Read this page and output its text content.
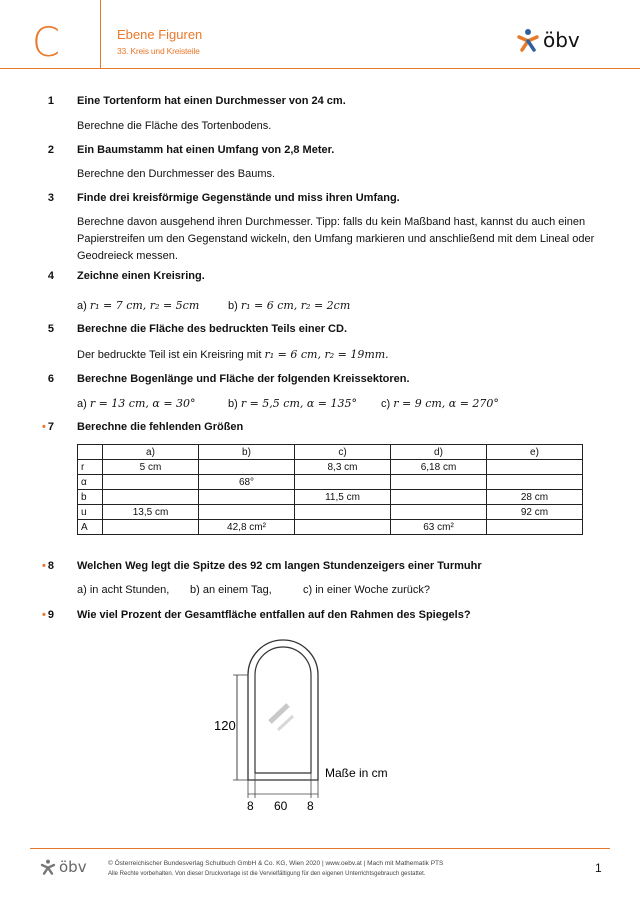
C	Ebene Figuren
33. Kreis und Kreisteile	öbv
1 Eine Tortenform hat einen Durchmesser von 24 cm.
Berechne die Fläche des Tortenbodens.
2 Ein Baumstamm hat einen Umfang von 2,8 Meter.
Berechne den Durchmesser des Baums.
3 Finde drei kreisförmige Gegenstände und miss ihren Umfang.
Berechne davon ausgehend ihren Durchmesser. Tipp: falls du kein Maßband hast, kannst du auch einen Papierstreifen um den Gegenstand wickeln, den Umfang markieren und anschließend mit dem Lineal oder Geodreieck messen.
4 Zeichne einen Kreisring.
a) r₁ = 7 cm, r₂ = 5cm	b) r₁ = 6 cm, r₂ = 2cm
5 Berechne die Fläche des bedruckten Teils einer CD.
Der bedruckte Teil ist ein Kreisring mit r₁ = 6 cm, r₂ = 19mm.
6 Berechne Bogenlänge und Fläche der folgenden Kreissektoren.
a) r = 13 cm, α = 30°	b) r = 5,5 cm, α = 135°	c) r = 9 cm, α = 270°
• 7 Berechne die fehlenden Größen
	a)	b)	c)	d)	e)
r	5 cm		8,3 cm	6,18 cm	
α		68°			
b			11,5 cm		28 cm
u	13,5 cm				92 cm
A		42,8 cm²		63 cm²	
• 8 Welchen Weg legt die Spitze des 92 cm langen Stundenzeigers einer Turmuhr
a) in acht Stunden,	b) an einem Tag,	c) in einer Woche zurück?
• 9 Wie viel Prozent der Gesamtfläche entfallen auf den Rahmen des Spiegels?
120
8 60 8
Maße in cm
öbv	© Österreichischer Bundesverlag Schulbuch GmbH & Co. KG, Wien 2020 | www.oebv.at | Mach mit Mathematik PTS
Alle Rechte vorbehalten. Von dieser Druckvorlage ist die Vervielfältigung für den eigenen Unterrichtsgebrauch gestattet.	1
